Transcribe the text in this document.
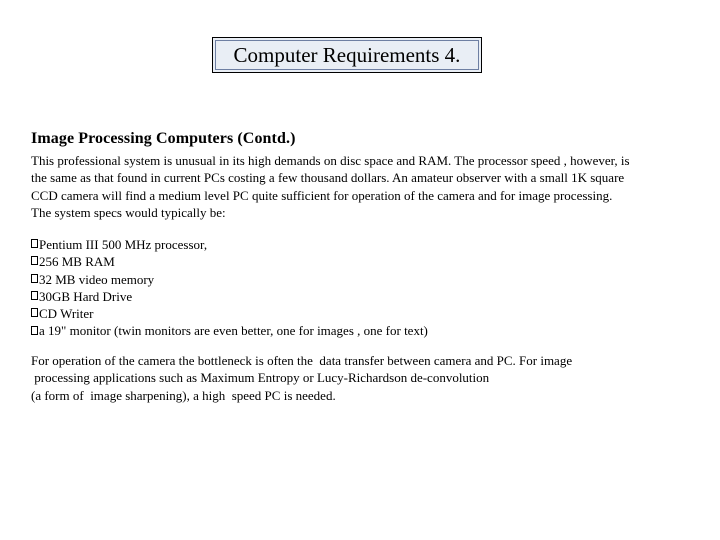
Computer Requirements 4.
Image Processing Computers (Contd.)
This professional system is unusual in its high demands on disc space and RAM. The processor speed , however, is
the same as that found in current PCs costing a few thousand dollars. An amateur observer with a small 1K square
CCD camera will find a medium level PC quite sufficient for operation of the camera and for image processing.
The system specs would typically be:
Pentium III 500 MHz processor,
256 MB RAM
32 MB video memory
30GB Hard Drive
CD Writer
a 19" monitor (twin monitors are even better, one for images , one for text)
For operation of the camera the bottleneck is often the  data transfer between camera and PC. For image
processing applications such as Maximum Entropy or Lucy-Richardson de-convolution
(a form of  image sharpening), a high  speed PC is needed.
